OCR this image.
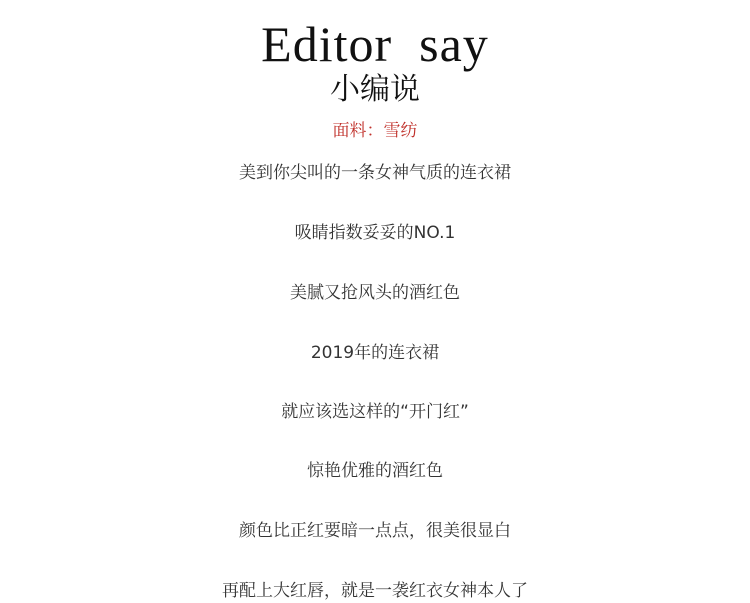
Editor  say
小编说
面料：雪纺
美到你尖叫的一条女神气质的连衣裙
吸睛指数妥妥的NO.1
美腻又抢风头的酒红色
2019年的连衣裙
就应该选这样的“开门红”
惊艳优雅的酒红色
颜色比正红要暗一点点，很美很显白
再配上大红唇，就是一袭红衣女神本人了
